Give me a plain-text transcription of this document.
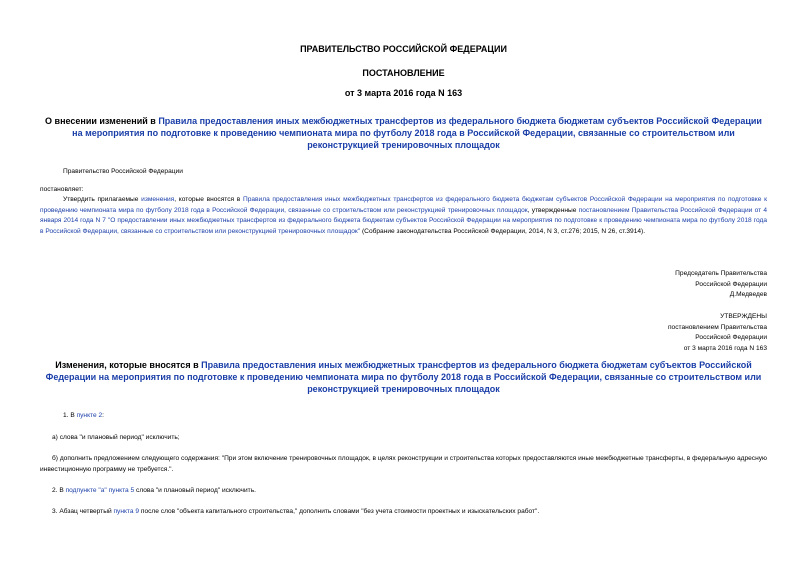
ПРАВИТЕЛЬСТВО РОССИЙСКОЙ ФЕДЕРАЦИИ
ПОСТАНОВЛЕНИЕ
от 3 марта 2016 года N 163
О внесении изменений в Правила предоставления иных межбюджетных трансфертов из федерального бюджета бюджетам субъектов Российской Федерации на мероприятия по подготовке к проведению чемпионата мира по футболу 2018 года в Российской Федерации, связанные со строительством или реконструкцией тренировочных площадок
Правительство Российской Федерации
постановляет:
Утвердить прилагаемые изменения, которые вносятся в Правила предоставления иных межбюджетных трансфертов из федерального бюджета бюджетам субъектов Российской Федерации на мероприятия по подготовке к проведению чемпионата мира по футболу 2018 года в Российской Федерации, связанные со строительством или реконструкцией тренировочных площадок, утвержденные постановлением Правительства Российской Федерации от 4 января 2014 года N 7 "О предоставлении иных межбюджетных трансфертов из федерального бюджета бюджетам субъектов Российской Федерации на мероприятия по подготовке к проведению чемпионата мира по футболу 2018 года в Российской Федерации, связанные со строительством или реконструкцией тренировочных площадок" (Собрание законодательства Российской Федерации, 2014, N 3, ст.276; 2015, N 26, ст.3914).
Председатель Правительства
Российской Федерации
Д.Медведев
УТВЕРЖДЕНЫ
постановлением Правительства
Российской Федерации
от 3 марта 2016 года N 163
Изменения, которые вносятся в Правила предоставления иных межбюджетных трансфертов из федерального бюджета бюджетам субъектов Российской Федерации на мероприятия по подготовке к проведению чемпионата мира по футболу 2018 года в Российской Федерации, связанные со строительством или реконструкцией тренировочных площадок
1. В пункте 2:
а) слова "и плановый период" исключить;
б) дополнить предложением следующего содержания: "При этом включение тренировочных площадок, в целях реконструкции и строительства которых предоставляются иные межбюджетные трансферты, в федеральную адресную инвестиционную программу не требуется.".
2. В подпункте "а" пункта 5 слова "и плановый период" исключить.
3. Абзац четвертый пункта 9 после слов "объекта капитального строительства," дополнить словами "без учета стоимости проектных и изыскательских работ".
